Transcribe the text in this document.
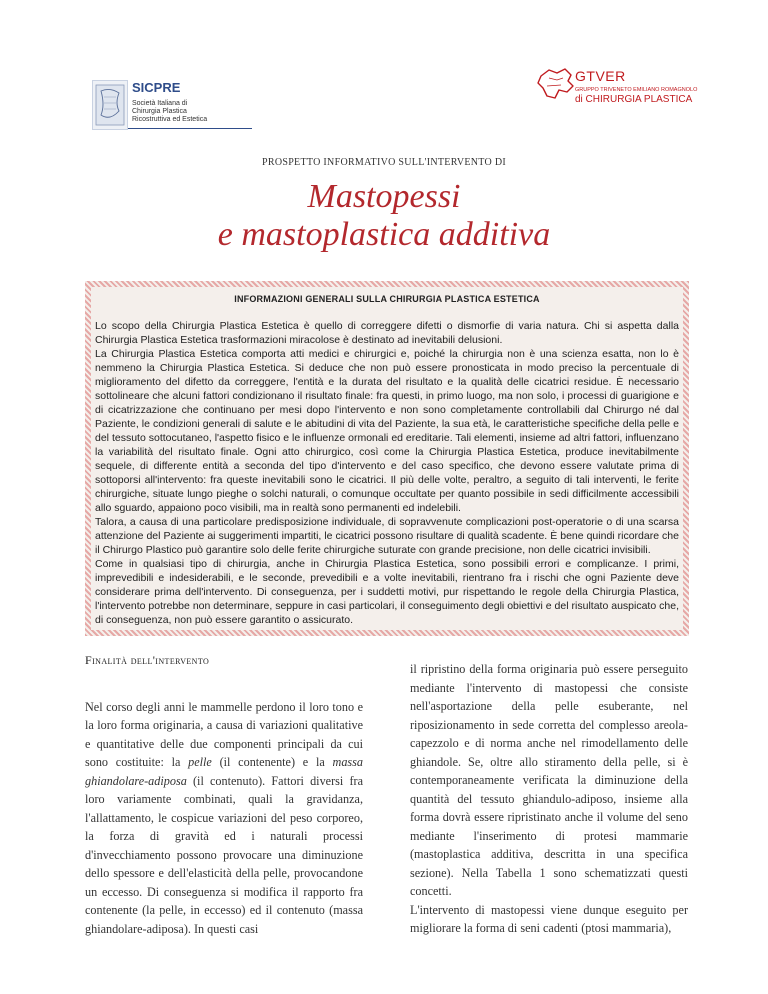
SICPRE
Società Italiana di
Chirurgia Plastica
Ricostruttiva ed Estetica
GTVER
GRUPPO TRIVENETO EMILIANO ROMAGNOLO
di CHIRURGIA PLASTICA
PROSPETTO INFORMATIVO SULL'INTERVENTO DI
Mastopessi
e mastoplastica additiva
INFORMAZIONI GENERALI SULLA CHIRURGIA PLASTICA ESTETICA

Lo scopo della Chirurgia Plastica Estetica è quello di correggere difetti o dismorfie di varia natura. Chi si aspetta dalla Chirurgia Plastica Estetica trasformazioni miracolose è destinato ad inevitabili delusioni.

La Chirurgia Plastica Estetica comporta atti medici e chirurgici e, poiché la chirurgia non è una scienza esatta, non lo è nemmeno la Chirurgia Plastica Estetica. Si deduce che non può essere pronosticata in modo preciso la percentuale di miglioramento del difetto da correggere, l'entità e la durata del risultato e la qualità delle cicatrici residue. È necessario sottolineare che alcuni fattori condizionano il risultato finale: fra questi, in primo luogo, ma non solo, i processi di guarigione e di cicatrizzazione che continuano per mesi dopo l'intervento e non sono completamente controllabili dal Chirurgo né dal Paziente, le condizioni generali di salute e le abitudini di vita del Paziente, la sua età, le caratteristiche specifiche della pelle e del tessuto sottocutaneo, l'aspetto fisico e le influenze ormonali ed ereditarie. Tali elementi, insieme ad altri fattori, influenzano la variabilità del risultato finale. Ogni atto chirurgico, così come la Chirurgia Plastica Estetica, produce inevitabilmente sequele, di differente entità a seconda del tipo d'intervento e del caso specifico, che devono essere valutate prima di sottoporsi all'intervento: fra queste inevitabili sono le cicatrici. Il più delle volte, peraltro, a seguito di tali interventi, le ferite chirurgiche, situate lungo pieghe o solchi naturali, o comunque occultate per quanto possibile in sedi difficilmente accessibili allo sguardo, appaiono poco visibili, ma in realtà sono permanenti ed indelebili.

Talora, a causa di una particolare predisposizione individuale, di sopravvenute complicazioni post-operatorie o di una scarsa attenzione del Paziente ai suggerimenti impartiti, le cicatrici possono risultare di qualità scadente. È bene quindi ricordare che il Chirurgo Plastico può garantire solo delle ferite chirurgiche suturate con grande precisione, non delle cicatrici invisibili.

Come in qualsiasi tipo di chirurgia, anche in Chirurgia Plastica Estetica, sono possibili errori e complicanze. I primi, imprevedibili e indesiderabili, e le seconde, prevedibili e a volte inevitabili, rientrano fra i rischi che ogni Paziente deve considerare prima dell'intervento. Di conseguenza, per i suddetti motivi, pur rispettando le regole della Chirurgia Plastica, l'intervento potrebbe non determinare, seppure in casi particolari, il conseguimento degli obiettivi e del risultato auspicato che, di conseguenza, non può essere garantito o assicurato.

Finalità dell'intervento

Nel corso degli anni le mammelle perdono il loro tono e la loro forma originaria, a causa di variazioni qualitative e quantitative delle due componenti principali da cui sono costituite: la pelle (il contenente) e la massa ghiandolare-adiposa (il contenuto). Fattori diversi fra loro variamente combinati, quali la gravidanza, l'allattamento, le cospicue variazioni del peso corporeo, la forza di gravità ed i naturali processi d'invecchiamento possono provocare una diminuzione dello spessore e dell'elasticità della pelle, provocandone un eccesso. Di conseguenza si modifica il rapporto fra contenente (la pelle, in eccesso) ed il contenuto (massa ghiandolare-adiposa). In questi casi

il ripristino della forma originaria può essere perseguito mediante l'intervento di mastopessi che consiste nell'asportazione della pelle esuberante, nel riposizionamento in sede corretta del complesso areola-capezzolo e di norma anche nel rimodellamento delle ghiandole. Se, oltre allo stiramento della pelle, si è contemporaneamente verificata la diminuzione della quantità del tessuto ghiandulo-adiposo, insieme alla forma dovrà essere ripristinato anche il volume del seno mediante l'inserimento di protesi mammarie (mastoplastica additiva, descritta in una specifica sezione). Nella Tabella 1 sono schematizzati questi concetti.

L'intervento di mastopessi viene dunque eseguito per migliorare la forma di seni cadenti (ptosi mammaria),
